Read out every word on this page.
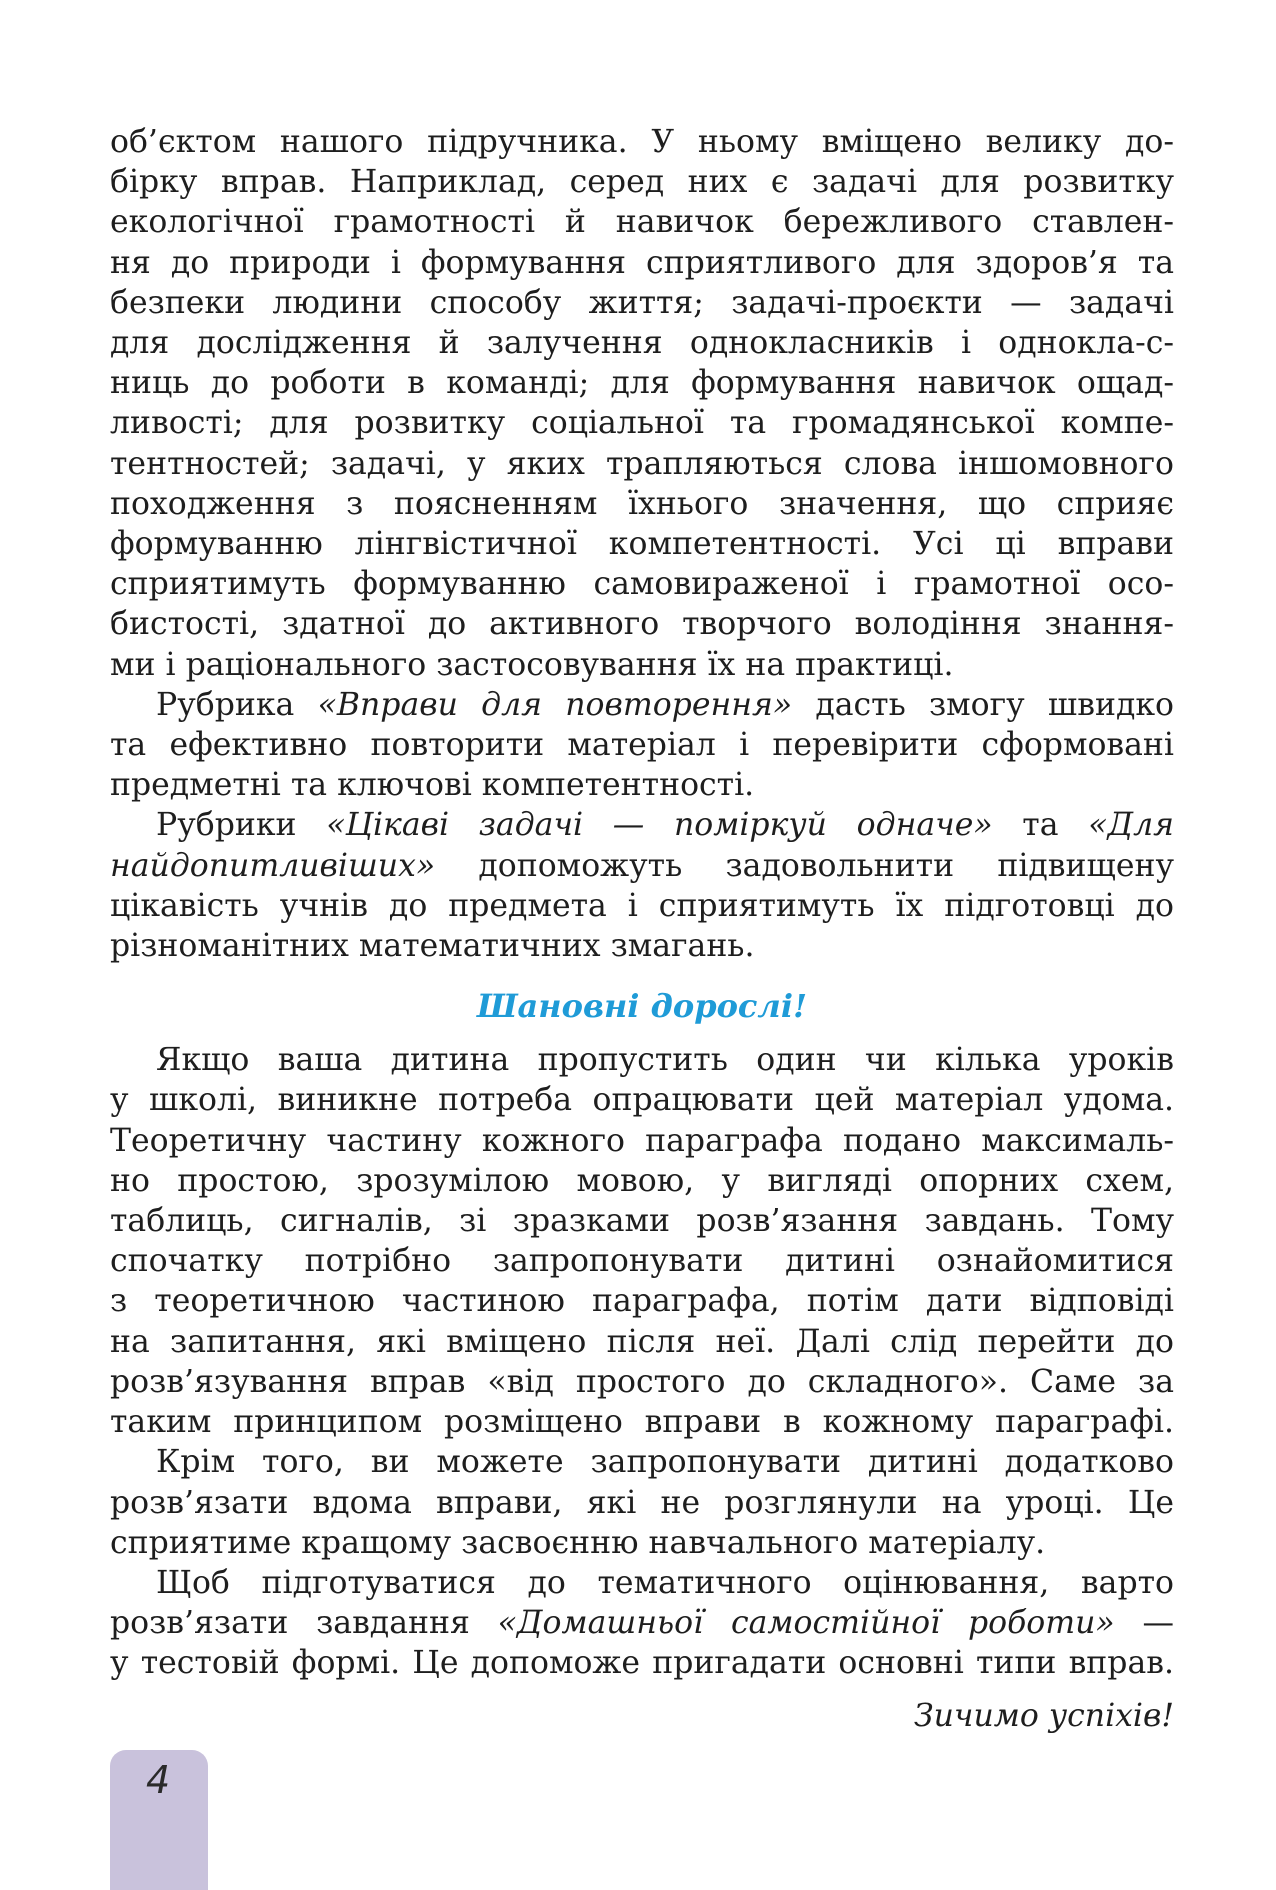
об’єктом нашого підручника. У ньому вміщено велику до-
бірку вправ. Наприклад, серед них є задачі для розвитку
екологічної грамотності й навичок бережливого ставлен-
ня до природи і формування сприятливого для здоров’я та
безпеки людини способу життя; задачі-проєкти — задачі
для дослідження й залучення однокласників і однокла-с-
ниць до роботи в команді; для формування навичок ощад-
ливості; для розвитку соціальної та громадянської компе-
тентностей; задачі, у яких трапляються слова іншомовного
походження з поясненням їхнього значення, що сприяє
формуванню лінгвістичної компетентності. Усі ці вправи
сприятимуть формуванню самовираженої і грамотної осо-
бистості, здатної до активного творчого володіння знання-
ми і раціонального застосовування їх на практиці.
Рубрика «Вправи для повторення» дасть змогу швидко
та ефективно повторити матеріал і перевірити сформовані
предметні та ключові компетентності.
Рубрики «Цікаві задачі — поміркуй одначе» та «Для
найдопитливіших» допоможуть задовольнити підвищену
цікавість учнів до предмета і сприятимуть їх підготовці до
різноманітних математичних змагань.
Шановні дорослі!
Якщо ваша дитина пропустить один чи кілька уроків
у школі, виникне потреба опрацювати цей матеріал удома.
Теоретичну частину кожного параграфа подано максималь-
но простою, зрозумілою мовою, у вигляді опорних схем,
таблиць, сигналів, зі зразками розв’язання завдань. Тому
спочатку потрібно запропонувати дитині ознайомитися
з теоретичною частиною параграфа, потім дати відповіді
на запитання, які вміщено після неї. Далі слід перейти до
розв’язування вправ «від простого до складного». Саме за
таким принципом розміщено вправи в кожному параграфі.
Крім того, ви можете запропонувати дитині додатково
розв’язати вдома вправи, які не розглянули на уроці. Це
сприятиме кращому засвоєнню навчального матеріалу.
Щоб підготуватися до тематичного оцінювання, варто
розв’язати завдання «Домашньої самостійної роботи» —
у тестовій формі. Це допоможе пригадати основні типи вправ.
Зичимо успіхів!
4
